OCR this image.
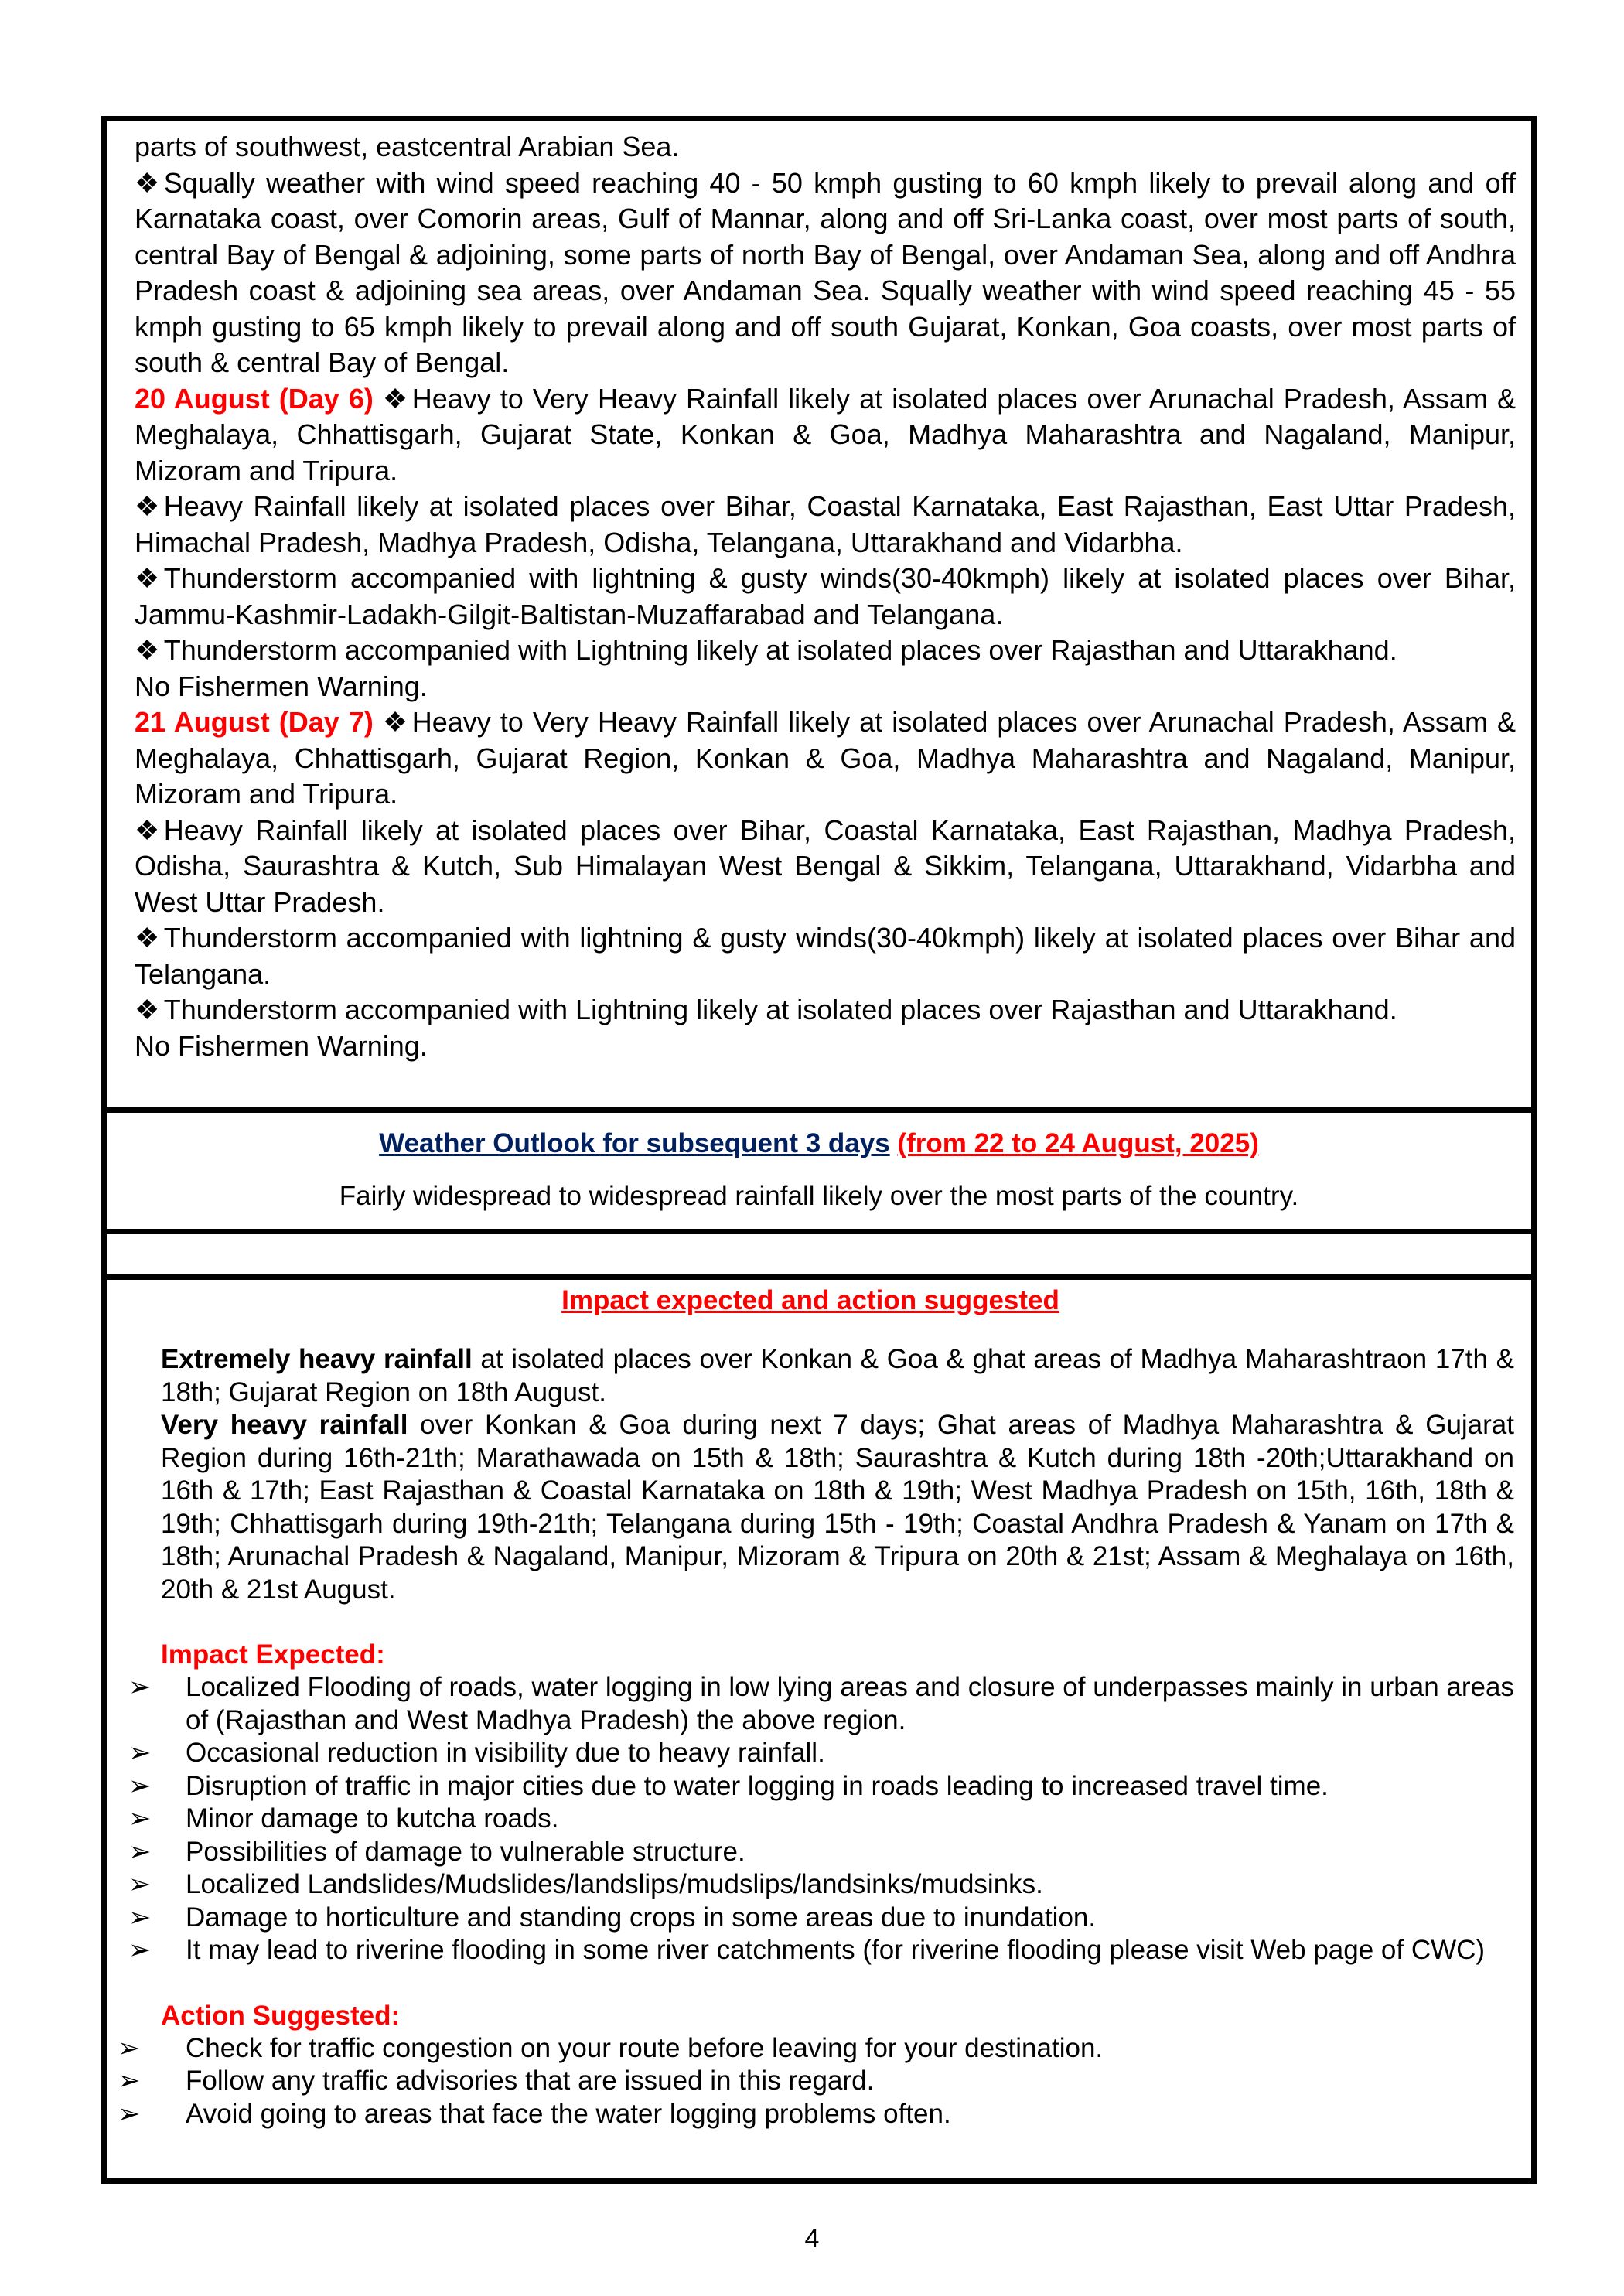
parts of southwest, eastcentral Arabian Sea.

❖ Squally weather with wind speed reaching 40 - 50 kmph gusting to 60 kmph likely to prevail along and off Karnataka coast, over Comorin areas, Gulf of Mannar, along and off Sri-Lanka coast, over most parts of south, central Bay of Bengal & adjoining, some parts of north Bay of Bengal, over Andaman Sea, along and off Andhra Pradesh coast & adjoining sea areas, over Andaman Sea. Squally weather with wind speed reaching 45 - 55 kmph gusting to 65 kmph likely to prevail along and off south Gujarat, Konkan, Goa coasts, over most parts of south & central Bay of Bengal.

20 August (Day 6) ❖ Heavy to Very Heavy Rainfall likely at isolated places over Arunachal Pradesh, Assam & Meghalaya, Chhattisgarh, Gujarat State, Konkan & Goa, Madhya Maharashtra and Nagaland, Manipur, Mizoram and Tripura.

❖ Heavy Rainfall likely at isolated places over Bihar, Coastal Karnataka, East Rajasthan, East Uttar Pradesh, Himachal Pradesh, Madhya Pradesh, Odisha, Telangana, Uttarakhand and Vidarbha.

❖ Thunderstorm accompanied with lightning & gusty winds(30-40kmph) likely at isolated places over Bihar, Jammu-Kashmir-Ladakh-Gilgit-Baltistan-Muzaffarabad and Telangana.

❖ Thunderstorm accompanied with Lightning likely at isolated places over Rajasthan and Uttarakhand.

No Fishermen Warning.

21 August (Day 7) ❖ Heavy to Very Heavy Rainfall likely at isolated places over Arunachal Pradesh, Assam & Meghalaya, Chhattisgarh, Gujarat Region, Konkan & Goa, Madhya Maharashtra and Nagaland, Manipur, Mizoram and Tripura.

❖ Heavy Rainfall likely at isolated places over Bihar, Coastal Karnataka, East Rajasthan, Madhya Pradesh, Odisha, Saurashtra & Kutch, Sub Himalayan West Bengal & Sikkim, Telangana, Uttarakhand, Vidarbha and West Uttar Pradesh.

❖ Thunderstorm accompanied with lightning & gusty winds(30-40kmph) likely at isolated places over Bihar and Telangana.

❖ Thunderstorm accompanied with Lightning likely at isolated places over Rajasthan and Uttarakhand.

No Fishermen Warning.

Weather Outlook for subsequent 3 days (from 22 to 24 August, 2025)

Fairly widespread to widespread rainfall likely over the most parts of the country.

Impact expected and action suggested

Extremely heavy rainfall at isolated places over Konkan & Goa & ghat areas of Madhya Maharashtraon 17th & 18th; Gujarat Region on 18th August.

Very heavy rainfall over Konkan & Goa during next 7 days; Ghat areas of Madhya Maharashtra & Gujarat Region during 16th-21th; Marathawada on 15th & 18th; Saurashtra & Kutch during 18th -20th;Uttarakhand on 16th & 17th; East Rajasthan & Coastal Karnataka on 18th & 19th; West Madhya Pradesh on 15th, 16th, 18th & 19th; Chhattisgarh during 19th-21th; Telangana during 15th - 19th; Coastal Andhra Pradesh & Yanam on 17th & 18th; Arunachal Pradesh & Nagaland, Manipur, Mizoram & Tripura on 20th & 21st; Assam & Meghalaya on 16th, 20th & 21st August.

Impact Expected:

➢ Localized Flooding of roads, water logging in low lying areas and closure of underpasses mainly in urban areas of (Rajasthan and West Madhya Pradesh) the above region.
➢ Occasional reduction in visibility due to heavy rainfall.
➢ Disruption of traffic in major cities due to water logging in roads leading to increased travel time.
➢ Minor damage to kutcha roads.
➢ Possibilities of damage to vulnerable structure.
➢ Localized Landslides/Mudslides/landslips/mudslips/landsinks/mudsinks.
➢ Damage to horticulture and standing crops in some areas due to inundation.
➢ It may lead to riverine flooding in some river catchments (for riverine flooding please visit Web page of CWC)

Action Suggested:

➢ Check for traffic congestion on your route before leaving for your destination.
➢ Follow any traffic advisories that are issued in this regard.
➢ Avoid going to areas that face the water logging problems often.
4
